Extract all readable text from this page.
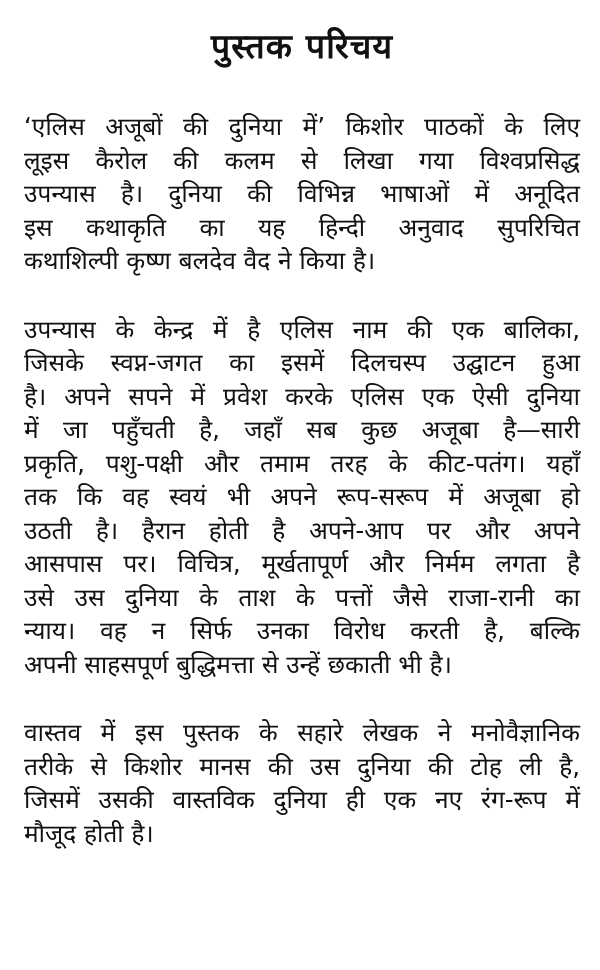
पुस्तक परिचय
‘एलिस अजूबों की दुनिया में’ किशोर पाठकों के लिए
लूइस कैरोल की कलम से लिखा गया विश्वप्रसिद्ध
उपन्यास है। दुनिया की विभिन्न भाषाओं में अनूदित
इस कथाकृति का यह हिन्दी अनुवाद सुपरिचित
कथाशिल्पी कृष्ण बलदेव वैद ने किया है।
उपन्यास के केन्द्र में है एलिस नाम की एक बालिका,
जिसके स्वप्न-जगत का इसमें दिलचस्प उद्घाटन हुआ
है। अपने सपने में प्रवेश करके एलिस एक ऐसी दुनिया
में जा पहुँचती है, जहाँ सब कुछ अजूबा है—सारी
प्रकृति, पशु-पक्षी और तमाम तरह के कीट-पतंग। यहाँ
तक कि वह स्वयं भी अपने रूप-सरूप में अजूबा हो
उठती है। हैरान होती है अपने-आप पर और अपने
आसपास पर। विचित्र, मूर्खतापूर्ण और निर्मम लगता है
उसे उस दुनिया के ताश के पत्तों जैसे राजा-रानी का
न्याय। वह न सिर्फ उनका विरोध करती है, बल्कि
अपनी साहसपूर्ण बुद्धिमत्ता से उन्हें छकाती भी है।
वास्तव में इस पुस्तक के सहारे लेखक ने मनोवैज्ञानिक
तरीके से किशोर मानस की उस दुनिया की टोह ली है,
जिसमें उसकी वास्तविक दुनिया ही एक नए रंग-रूप में
मौजूद होती है।
